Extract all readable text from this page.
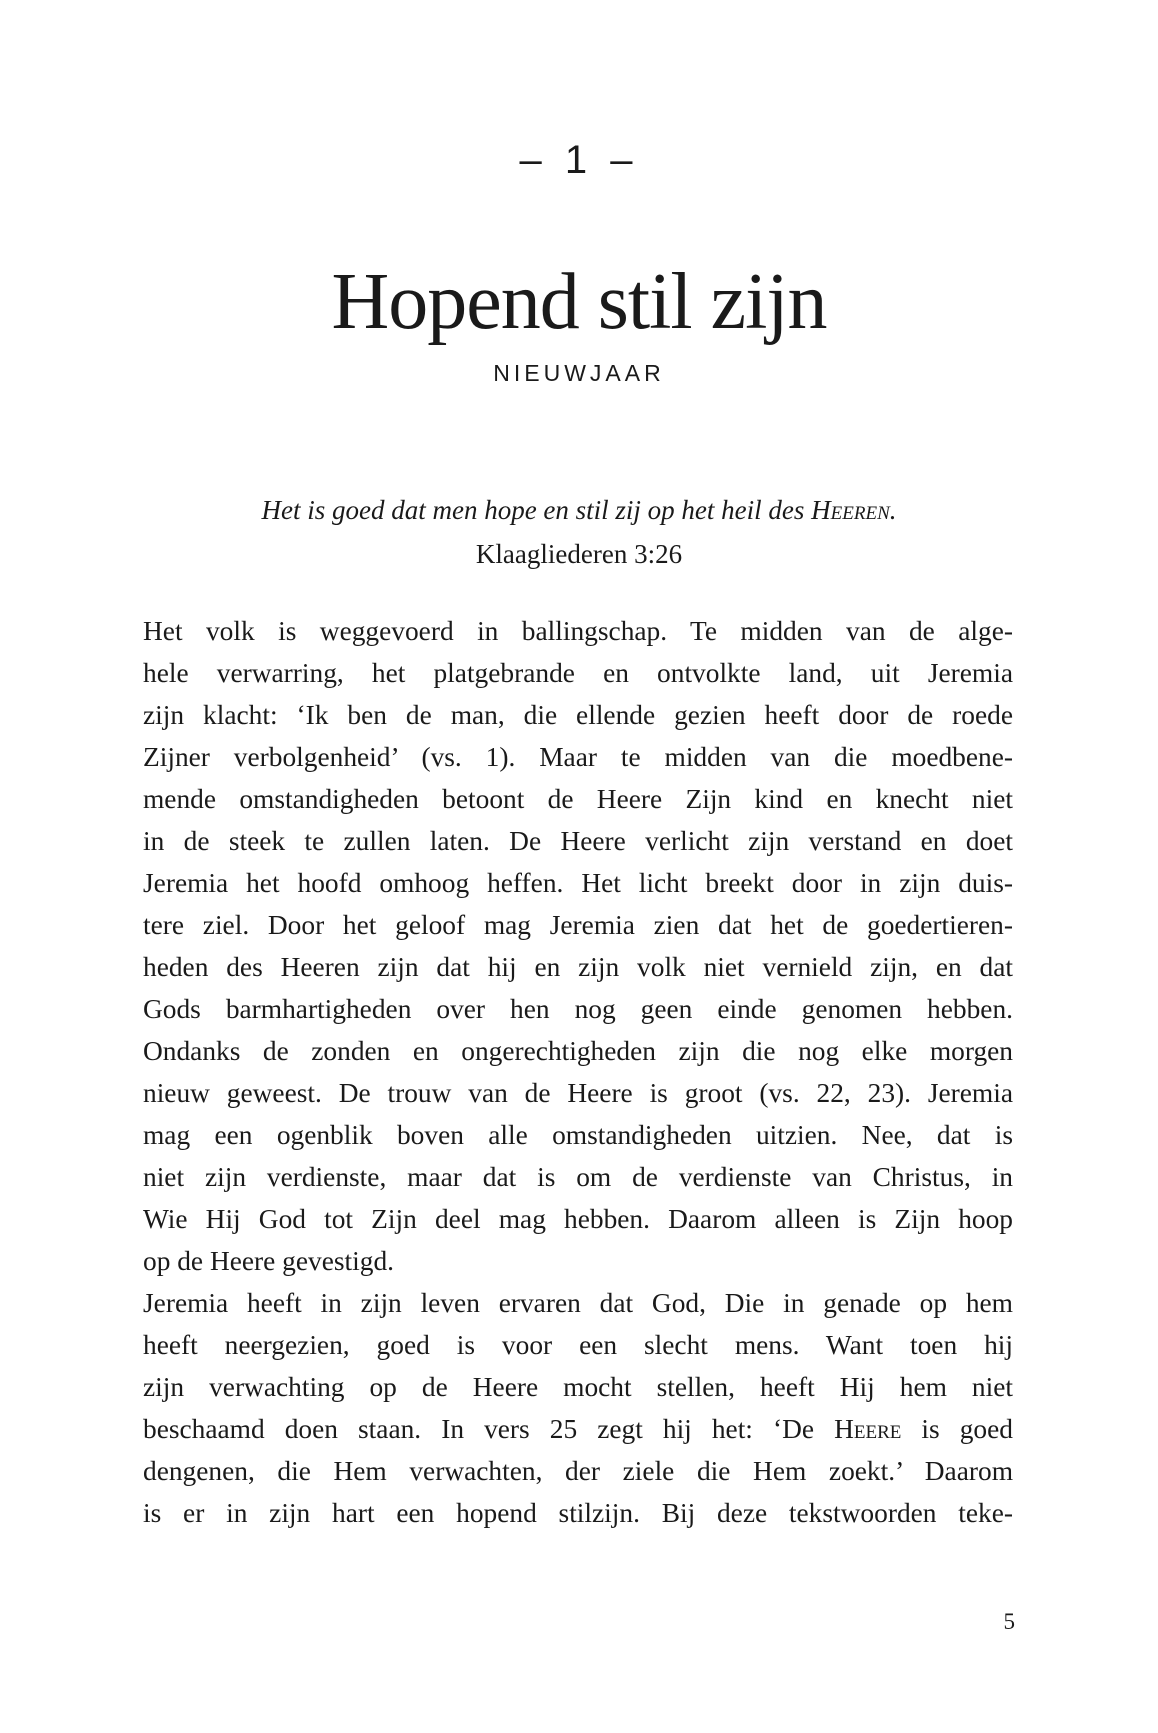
– 1 –
Hopend stil zijn
NIEUWJAAR
Het is goed dat men hope en stil zij op het heil des Heeren.
Klaagliederen 3:26
Het volk is weggevoerd in ballingschap. Te midden van de alge-
hele verwarring, het platgebrande en ontvolkte land, uit Jeremia
zijn klacht: ‘Ik ben de man, die ellende gezien heeft door de roede
Zijner verbolgenheid’ (vs. 1). Maar te midden van die moedbene-
mende omstandigheden betoont de Heere Zijn kind en knecht niet
in de steek te zullen laten. De Heere verlicht zijn verstand en doet
Jeremia het hoofd omhoog heffen. Het licht breekt door in zijn duis-
tere ziel. Door het geloof mag Jeremia zien dat het de goedertieren-
heden des Heeren zijn dat hij en zijn volk niet vernield zijn, en dat
Gods barmhartigheden over hen nog geen einde genomen hebben.
Ondanks de zonden en ongerechtigheden zijn die nog elke morgen
nieuw geweest. De trouw van de Heere is groot (vs. 22, 23). Jeremia
mag een ogenblik boven alle omstandigheden uitzien. Nee, dat is
niet zijn verdienste, maar dat is om de verdienste van Christus, in
Wie Hij God tot Zijn deel mag hebben. Daarom alleen is Zijn hoop
op de Heere gevestigd.
Jeremia heeft in zijn leven ervaren dat God, Die in genade op hem
heeft neergezien, goed is voor een slecht mens. Want toen hij
zijn verwachting op de Heere mocht stellen, heeft Hij hem niet
beschaamd doen staan. In vers 25 zegt hij het: ‘De Heere is goed
dengenen, die Hem verwachten, der ziele die Hem zoekt.’ Daarom
is er in zijn hart een hopend stilzijn. Bij deze tekstwoorden teke-
5
